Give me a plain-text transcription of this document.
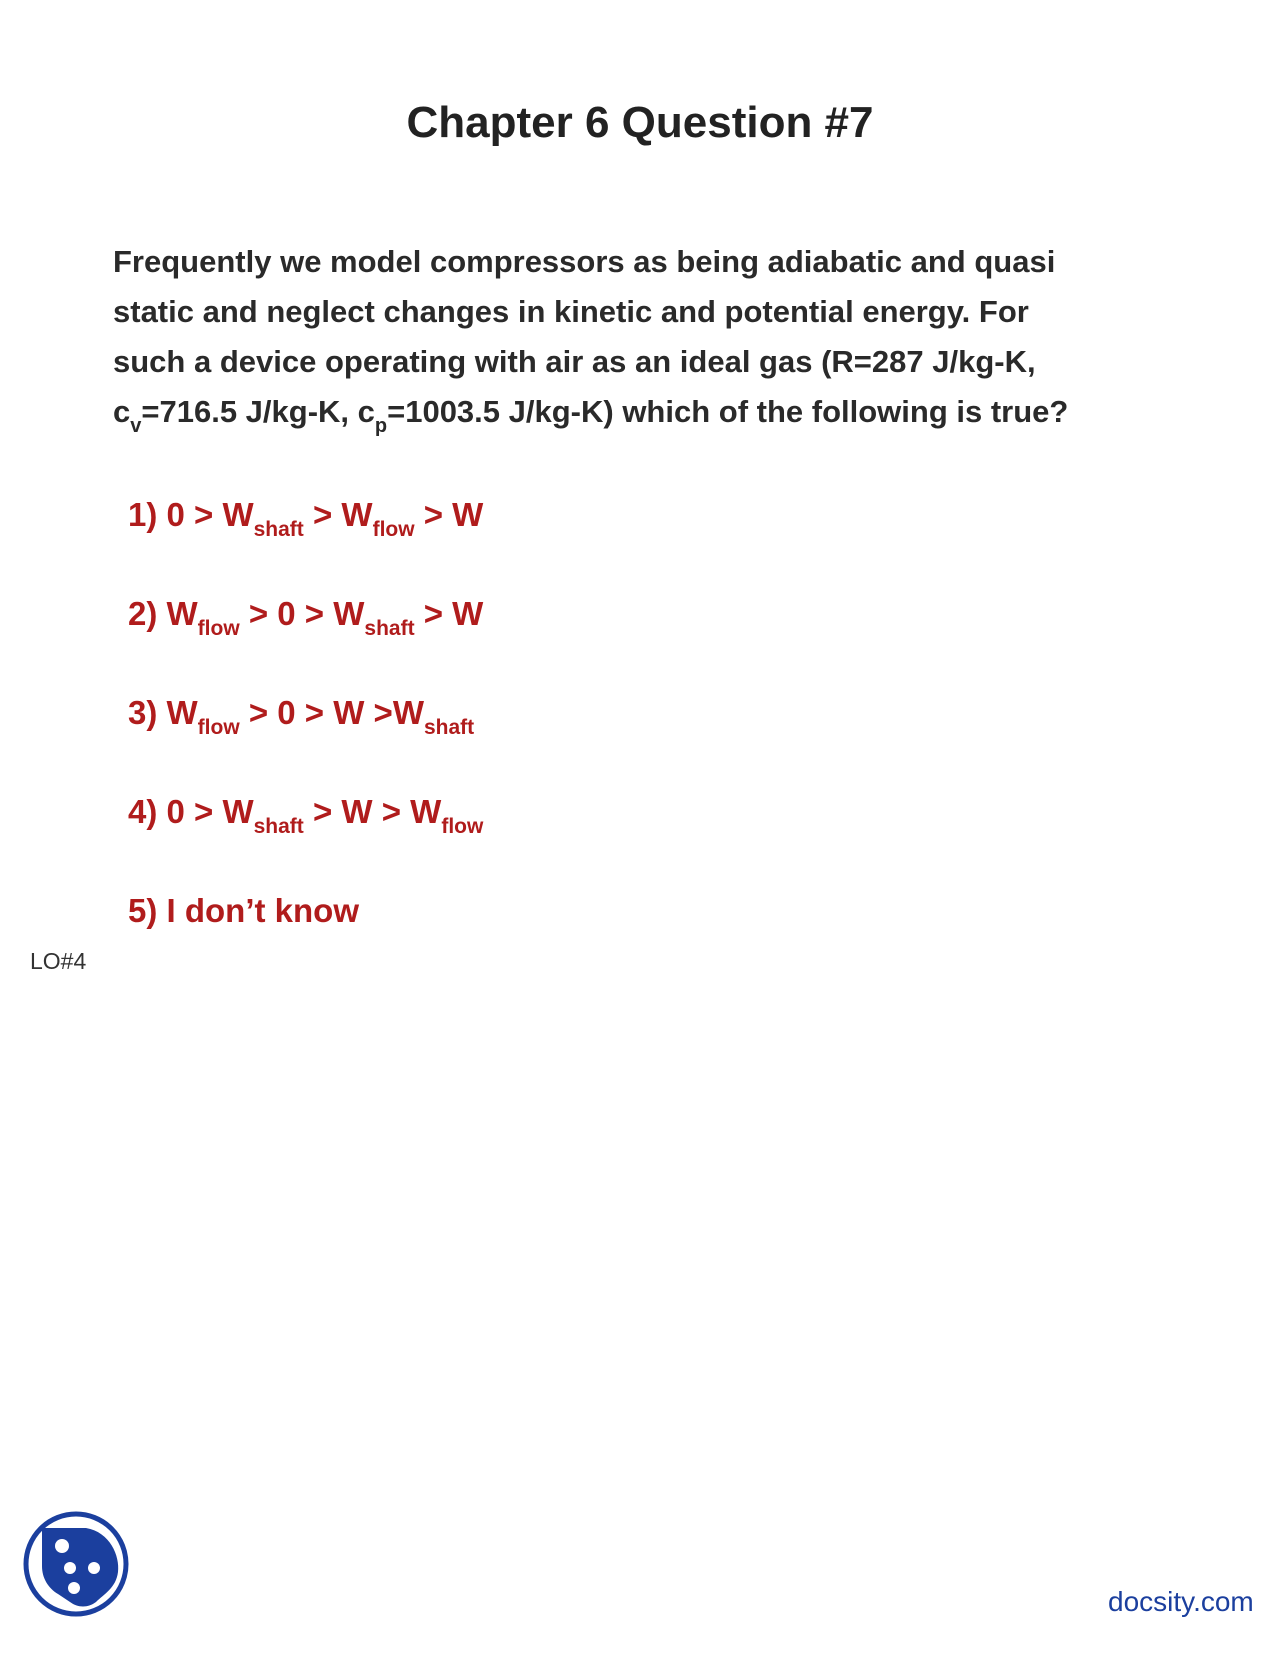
Chapter 6 Question #7
Frequently we model compressors as being adiabatic and quasi
static and neglect changes in kinetic and potential energy. For
such a device operating with air as an ideal gas (R=287 J/kg-K,
$c_v=716.5$ J/kg-K, $c_p=1003.5$ J/kg-K) which of the following is true?
1) $0 > W_{shaft} > W_{flow} > W$
2) $W_{flow} > 0 > W_{shaft} > W$
3) $W_{flow} > 0 > W >W_{shaft}$
4) $0 > W_{shaft} > W > W_{flow}$
5) I don’t know
LO#4
docsity.com
